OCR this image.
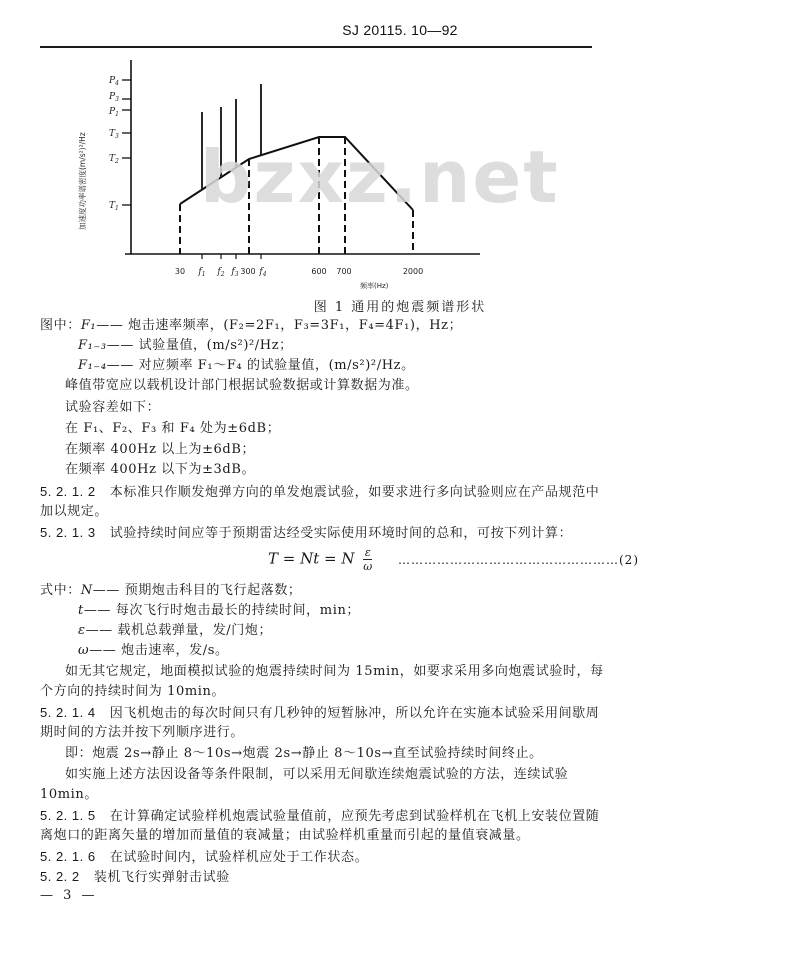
SJ 20115. 10—92
$P_4$
$P_3$
$P_1$
$T_3$
$T_2$
$T_1$
加速度功率谱密度(m/s²)²/Hz
30	300	600 700	2000
$f_1$ $f_2$ $f_3$ $f_4$
频率(Hz)
bzxz.net
图 1 通用的炮震频谱形状
图中：F₁—— 炮击速率频率，(F₂=2F₁，F₃=3F₁，F₄=4F₁)，Hz；
F₁₋₃—— 试验量值，(m/s²)²/Hz；
F₁₋₄—— 对应频率 F₁～F₄ 的试验量值，(m/s²)²/Hz。
峰值带宽应以载机设计部门根据试验数据或计算数据为准。
试验容差如下：
在 F₁、F₂、F₃ 和 F₄ 处为±6dB；
在频率 400Hz 以上为±6dB；
在频率 400Hz 以下为±3dB。
5. 2. 1. 2 本标准只作顺发炮弹方向的单发炮震试验，如要求进行多向试验则应在产品规范中
加以规定。
5. 2. 1. 3 试验持续时间应等于预期雷达经受实际使用环境时间的总和，可按下列计算：
T = Nt = N $\frac{\varepsilon}{\omega}$ ……………………………………………(2)
式中：N—— 预期炮击科目的飞行起落数；
t—— 每次飞行时炮击最长的持续时间，min；
ε—— 载机总载弹量，发/门炮；
ω—— 炮击速率，发/s。
如无其它规定，地面模拟试验的炮震持续时间为 15min，如要求采用多向炮震试验时，每
个方向的持续时间为 10min。
5. 2. 1. 4 因飞机炮击的每次时间只有几秒钟的短暂脉冲，所以允许在实施本试验采用间歇周
期时间的方法并按下列顺序进行。
即：炮震 2s→静止 8～10s→炮震 2s→静止 8～10s→直至试验持续时间终止。
如实施上述方法因设备等条件限制，可以采用无间歇连续炮震试验的方法，连续试验
10min。
5. 2. 1. 5 在计算确定试验样机炮震试验量值前，应预先考虑到试验样机在飞机上安装位置随
离炮口的距离矢量的增加而量值的衰减量；由试验样机重量而引起的量值衰减量。
5. 2. 1. 6 在试验时间内，试验样机应处于工作状态。
5. 2. 2 装机飞行实弹射击试验
— 3 —
